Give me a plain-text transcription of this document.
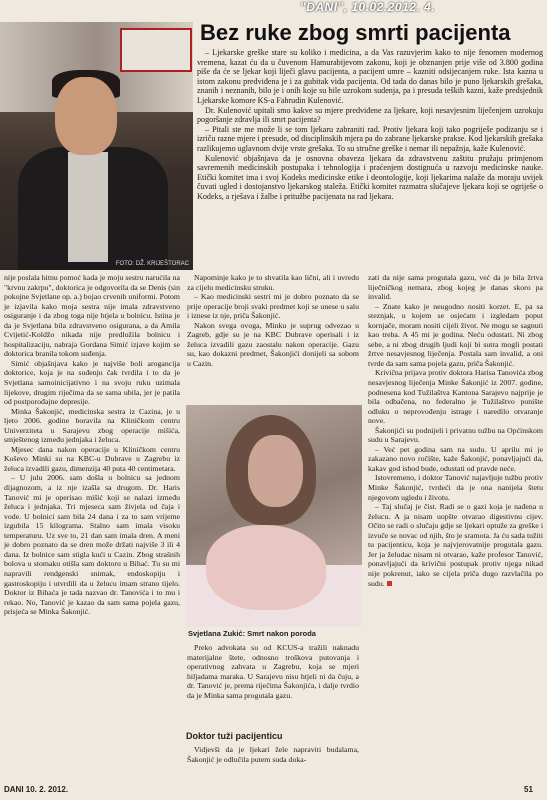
FOTO: DŽ. KRIJEŠTORAC
"DANI", 10.02.2012. 4.
Bez ruke zbog smrti pacijenta

– Ljekarske greške stare su koliko i medicina, a da Vas razuvjerim kako to nije fenomen modernog vremena, kazat ću da u čuvenom Hamurabijevom zakonu, koji je obznanjen prije više od 3.800 godina piše da će se ljekar koji liječi glavu pacijenta, a pacijent umre – kazniti odsijecanjem ruke. Ista kazna u istom zakonu predviđena je i za gubitak vida pacijenta. Od tada do danas bilo je puno ljekarskih grešaka, znanih i neznanih, bilo je i onih koje su bile uzrokom sudenja, pa i presuda teških kazni, kaže predsjednik Ljekarske komore KS-a Fahrudin Kulenović.

Dr. Kulenović upitali smo kakve su mjere predviđene za ljekare, koji nesavjesnim liječenjem uzrokuju pogoršanje zdravlja ili smrt pacijenta?

– Pitali ste me može li se tom ljekaru zabraniti rad. Protiv ljekara koji tako pogriješe podizanju se i izriču razne mjere i presude, od disciplinskih mjera pa do zabrane ljekarske prakse. Kod ljekarskih grešaka razlikujemo uglavnom dvije vrste grešaka. To su stručne greške i nemar ili nepažnja, kaže Kulenović.

Kulenović objašnjava da je osnovna obaveza ljekara da zdravstvenu zaštitu pružaju primjenom savremenih medicinskih postupaka i tehnologija i praćenjem dostignuća u razvoju medicinske nauke. Etički komitet ima i svoj Kodeks medicinske etike i deontologije, koji ljekarima nalaže da moraju uvijek čuvati ugled i dostojanstvo ljekarskog staleža. Etički komitet razmatra slučajeve ljekara koji se ogriješe o Kodeks, a rješava i žalbe i pritužbe pacijenata na rad ljekara.

nije poslala hitnu pomoć kada je moju sestru narućila na "krvnu zakrpu", doktorica je odgovorila da se Denis (sin pokojne Svjetlane op. a.) bojao crvenih uniformi. Potom je izjavila kako moja sestra nije imala zdravstveno osiguranje i da zbog toga nije htjela u bolnicu. Istina je da je Svjetlana bila zdravstveno osigurana, a da Amila Cvijetić-Koldžo nikada nije predložila bolnicu i hospitalizaciju, nabraja Gordana Simić izjave kojim se doktorica branila tokom suđenja.

Simić objašnjava kako je najviše boli arogancija doktorice, koja je na suđenju čak tvrdila i to da je Svjetlana samoinicijativno i na svoju ruku uzimala lijekove, drugim riječima da se sama ubila, jer je patila od postporođajne depresije.

Minka Šakonjić, medicinska sestra iz Cazina, je u ljeto 2006. godine boravila na Kliničkom centru Univerziteta u Sarajevu zbog operacije mišića, smještenog između jednjaka i želuca.

Mjesec dana nakon operacije u Kliničkom centru Koševo Minki su na KBC-u Dubrave u Zagrebu iz želuca izvadili gazu, dimenzija 40 puta 40 centimetara.

– U julu 2006. sam došla u bolnicu sa jednom dijagnozom, a iz nje izašla sa drugom. Dr. Haris Tanović mi je operisao mišić koji se nalazi između želuca i jednjaka. Tri mjeseca sam živjela od čaja i vode. U bolnici sam bila 24 dana i za to sam vrijeme izgubila 15 kilograma. Stalno sam imala visoku temperaturu. Uz sve to, 21 dan sam imala dren. A meni je dobro poznato da se dren može držati najviše 3 ili 4 dana. Iz bolnice sam stigla kući u Cazin. Zbog strašnih bolova u stomaku otišla sam doktoru u Bihać. Tu su mi napravili rendgenski snimak, endoskopiju i gastroskopiju i utvrdili da u želucu imam strano tijelo. Doktor iz Bihaća je tada nazvao dr. Tanovića i to mu i rekao. No, Tanović je kazao da sam sama pojela gazu, prisjeća se Minka Šakonjić.

Napominje kako je to shvatila kao lični, ali i uvredu za cijelu medicinsku struku.

– Kao medicinski sestri mi je dobro poznato da se prije operacije broji svaki predmet koji se unese u salu i iznese iz nje, priča Šakonjić.

Nakon svega ovoga, Minku je suprug odvezao u Zagreb, gdje su je na KBC Dubrave operisali i iz želuca izvadili gazu zaostalu nakon operacije. Gazu su, kao dokazni predmet, Šakonjići donijeli sa sobom u Cazin.

Svjetlana Zukić: Smrt nakon poroda

Preko advokata su od KCUS-a tražili naknadu materijalne štete, odnosno troškova putovanja i operativnog zahvata u Zagrebu, koja se mjeri hiljadama maraka. U Sarajevu nisu htjeli ni da čuju, a dr. Tanović je, prema riječima Šakonjića, i dalje tvrdio da je Minka sama progutala gazu.

Doktor tuži pacijenticu

Vidjevši da je ljekari žele napraviti budalama, Šakonjić je odlučila putem suda doka-

zati da nije sama progutala gazu, već da je bila žrtva liječničkog nemara, zbog kojeg je danas skoro pa invalid.

– Znate kako je neugodno nositi korzet. E, pa sa steznjak, u kojem se osjećam i izgledam poput kornjače, moram nositi cijeli život. Ne mogu se sagnuti kao treba. A 45 mi je godina. Neću odustati. Ni zbog sebe, a ni zbog drugih ljudi koji bi sutra mogli postati žrtve nesavjesnog liječenja. Postala sam invalid, a oni tvrde da sam sama pojela gazu, priča Šakonjić.

Krivična prijava protiv doktora Harisa Tanovića zbog nesavjesnog liječenja Minke Šakonjić iz 2007. godine, podnesena kod Tužilaštva Kantona Sarajevo najprije je bila odbačena, no federalno je Tužilaštvo ponište odluku o neprovođenju istrage i naredilo otvaranje nove.

Šakonjići su podnijeli i privatnu tužbu na Općinskom sudu u Sarajevu.

– Već pet godina sam na sudu. U aprilu mi je zakazano novo ročište, kaže Šakonjić, ponavljajući da, kakav god ishod bude, odustati od pravde neće.

Istovremeno, i doktor Tanović najavljuje tužbu protiv Minke Šakonjić, tvrdeći da je ona nanijela štetu njegovom ugledu i životu.

– Taj slučaj je čist. Radi se o gazi koja je nađena u želucu. A ja nisam uopšte otvarao digestivnu cijev. Očito se radi o slučaju gdje se ljekari optuže za greške i izvuče se novac od njih, što je sramota. Ja ću sada tužiti tu pacijenticu, koja je najvjerovatnije progutala gazu. Jer ja želudac nisam ni otvarao, kaže profesor Tanović, ponavljajući da krivični postupak protiv njega nikad nije pokrenut, iako se cijela priča dugo razvlačila po sudu.

DANI 10. 2. 2012.	51
